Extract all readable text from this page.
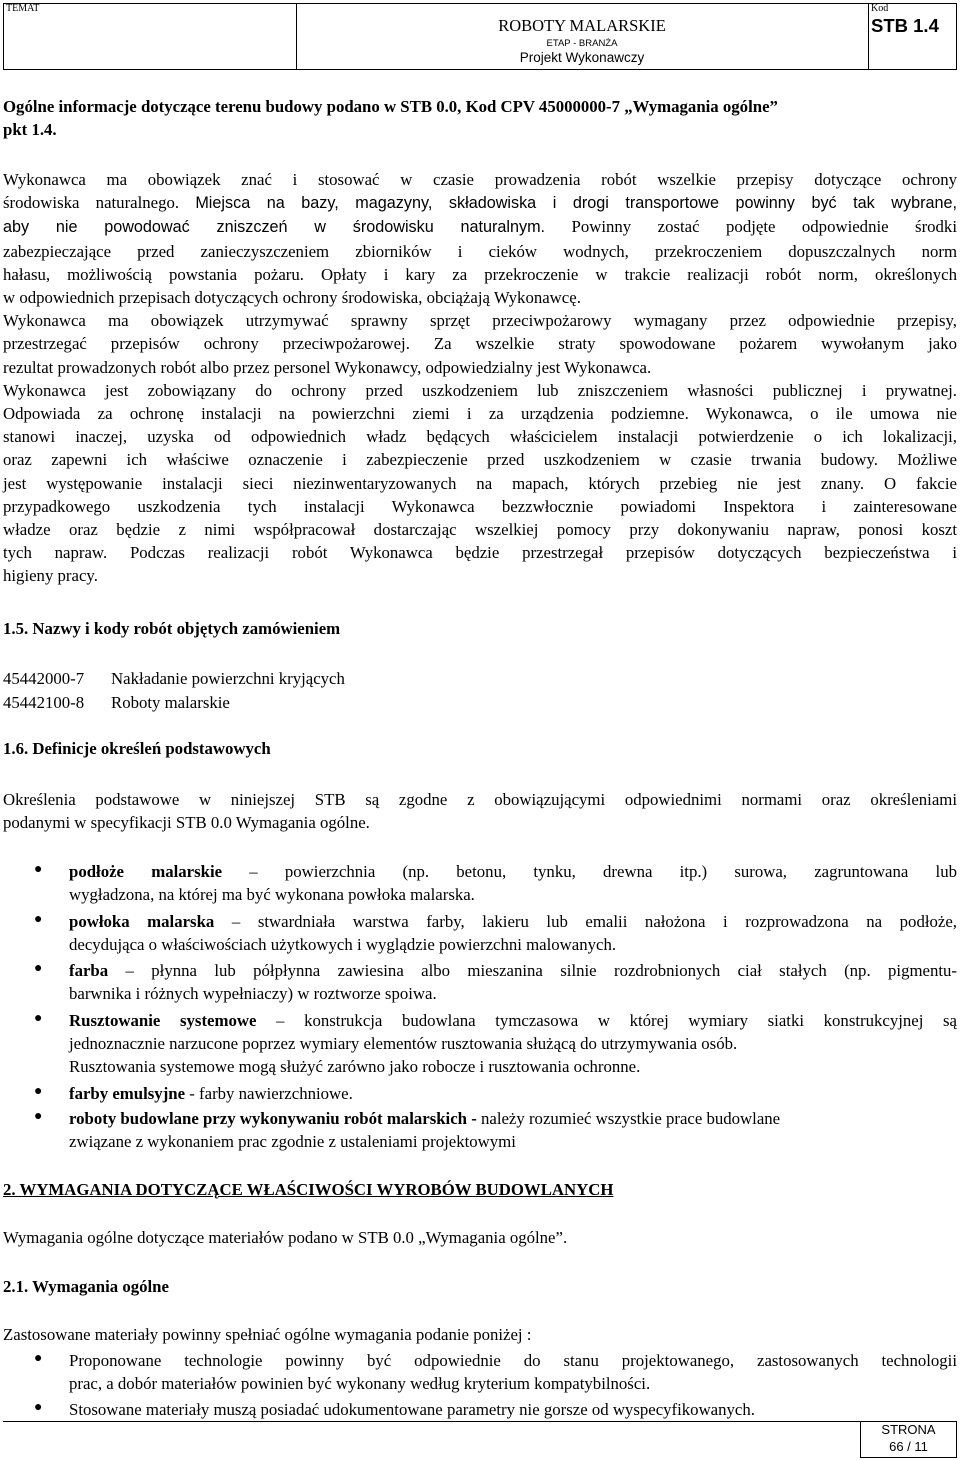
TEMAT
ROBOTY MALARSKIE
ETAP - BRANŻA
Projekt Wykonawczy
Kod
STB 1.4
Ogólne informacje dotyczące terenu budowy podano w STB 0.0, Kod CPV 45000000-7 „Wymagania ogólne”
pkt 1.4.
Wykonawca ma obowiązek znać i stosować w czasie prowadzenia robót wszelkie przepisy dotyczące ochrony
środowiska naturalnego. Miejsca na bazy, magazyny, składowiska i drogi transportowe powinny być tak wybrane,
aby nie powodować zniszczeń w środowisku naturalnym. Powinny zostać podjęte odpowiednie środki
zabezpieczające przed zanieczyszczeniem zbiorników i cieków wodnych, przekroczeniem dopuszczalnych norm
hałasu, możliwością powstania pożaru. Opłaty i kary za przekroczenie w trakcie realizacji robót norm, określonych
w odpowiednich przepisach dotyczących ochrony środowiska, obciążają Wykonawcę.
Wykonawca ma obowiązek utrzymywać sprawny sprzęt przeciwpożarowy wymagany przez odpowiednie przepisy,
przestrzegać przepisów ochrony przeciwpożarowej. Za wszelkie straty spowodowane pożarem wywołanym jako
rezultat prowadzonych robót albo przez personel Wykonawcy, odpowiedzialny jest Wykonawca.
Wykonawca jest zobowiązany do ochrony przed uszkodzeniem lub zniszczeniem własności publicznej i prywatnej.
Odpowiada za ochronę instalacji na powierzchni ziemi i za urządzenia podziemne. Wykonawca, o ile umowa nie
stanowi inaczej, uzyska od odpowiednich władz będących właścicielem instalacji potwierdzenie o ich lokalizacji,
oraz zapewni ich właściwe oznaczenie i zabezpieczenie przed uszkodzeniem w czasie trwania budowy. Możliwe
jest występowanie instalacji sieci niezinwentaryzowanych na mapach, których przebieg nie jest znany. O fakcie
przypadkowego uszkodzenia tych instalacji Wykonawca bezzwłocznie powiadomi Inspektora i zainteresowane
władze oraz będzie z nimi współpracował dostarczając wszelkiej pomocy przy dokonywaniu napraw, ponosi koszt
tych napraw. Podczas realizacji robót Wykonawca będzie przestrzegał przepisów dotyczących bezpieczeństwa i
higieny pracy.
1.5. Nazwy i kody robót objętych zamówieniem
45442000-7 Nakładanie powierzchni kryjących
45442100-8 Roboty malarskie
1.6. Definicje określeń podstawowych
Określenia podstawowe w niniejszej STB są zgodne z obowiązującymi odpowiednimi normami oraz określeniami
podanymi w specyfikacji STB 0.0 Wymagania ogólne.
● podłoże malarskie – powierzchnia (np. betonu, tynku, drewna itp.) surowa, zagruntowana lub
wygładzona, na której ma być wykonana powłoka malarska.
● powłoka malarska – stwardniała warstwa farby, lakieru lub emalii nałożona i rozprowadzona na podłoże,
decydująca o właściwościach użytkowych i wyglądzie powierzchni malowanych.
● farba – płynna lub półpłynna zawiesina albo mieszanina silnie rozdrobnionych ciał stałych (np. pigmentu-
barwnika i różnych wypełniaczy) w roztworze spoiwa.
● Rusztowanie systemowe – konstrukcja budowlana tymczasowa w której wymiary siatki konstrukcyjnej są
jednoznacznie narzucone poprzez wymiary elementów rusztowania służącą do utrzymywania osób.
Rusztowania systemowe mogą służyć zarówno jako robocze i rusztowania ochronne.
● farby emulsyjne - farby nawierzchniowe.
● roboty budowlane przy wykonywaniu robót malarskich - należy rozumieć wszystkie prace budowlane
związane z wykonaniem prac zgodnie z ustaleniami projektowymi
2. WYMAGANIA DOTYCZĄCE WŁAŚCIWOŚCI WYROBÓW BUDOWLANYCH
Wymagania ogólne dotyczące materiałów podano w STB 0.0 „Wymagania ogólne”.
2.1. Wymagania ogólne
Zastosowane materiały powinny spełniać ogólne wymagania podanie poniżej :
● Proponowane technologie powinny być odpowiednie do stanu projektowanego, zastosowanych technologii
prac, a dobór materiałów powinien być wykonany według kryterium kompatybilności.
● Stosowane materiały muszą posiadać udokumentowane parametry nie gorsze od wyspecyfikowanych.
STRONA
66 / 11
